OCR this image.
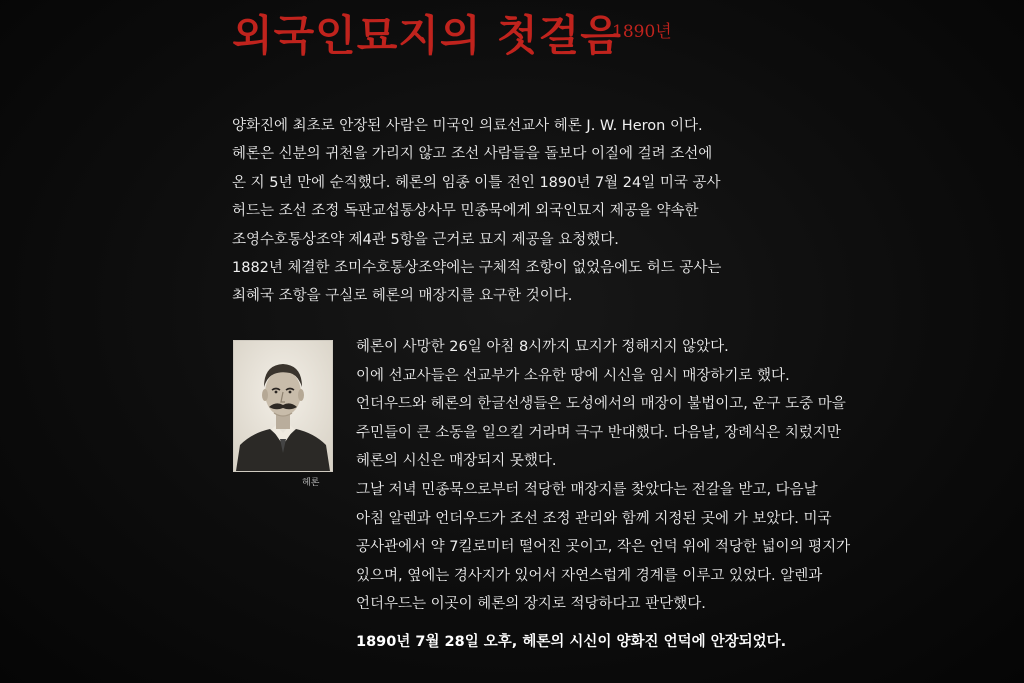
외국인묘지의 첫걸음
1890년
양화진에 최초로 안장된 사람은 미국인 의료선교사 헤론 J. W. Heron 이다.
헤론은 신분의 귀천을 가리지 않고 조선 사람들을 돌보다 이질에 걸려 조선에
온 지 5년 만에 순직했다. 헤론의 임종 이틀 전인 1890년 7월 24일 미국 공사
허드는 조선 조정 독판교섭통상사무 민종묵에게 외국인묘지 제공을 약속한
조영수호통상조약 제4관 5항을 근거로 묘지 제공을 요청했다.
1882년 체결한 조미수호통상조약에는 구체적 조항이 없었음에도 허드 공사는
최혜국 조항을 구실로 헤론의 매장지를 요구한 것이다.
헤론
헤론이 사망한 26일 아침 8시까지 묘지가 정해지지 않았다.
이에 선교사들은 선교부가 소유한 땅에 시신을 임시 매장하기로 했다.
언더우드와 헤론의 한글선생들은 도성에서의 매장이 불법이고, 운구 도중 마을
주민들이 큰 소동을 일으킬 거라며 극구 반대했다. 다음날, 장례식은 치렀지만
헤론의 시신은 매장되지 못했다.
그날 저녁 민종묵으로부터 적당한 매장지를 찾았다는 전갈을 받고, 다음날
아침 알렌과 언더우드가 조선 조정 관리와 함께 지정된 곳에 가 보았다. 미국
공사관에서 약 7킬로미터 떨어진 곳이고, 작은 언덕 위에 적당한 넓이의 평지가
있으며, 옆에는 경사지가 있어서 자연스럽게 경계를 이루고 있었다. 알렌과
언더우드는 이곳이 헤론의 장지로 적당하다고 판단했다.
1890년 7월 28일 오후, 헤론의 시신이 양화진 언덕에 안장되었다.
